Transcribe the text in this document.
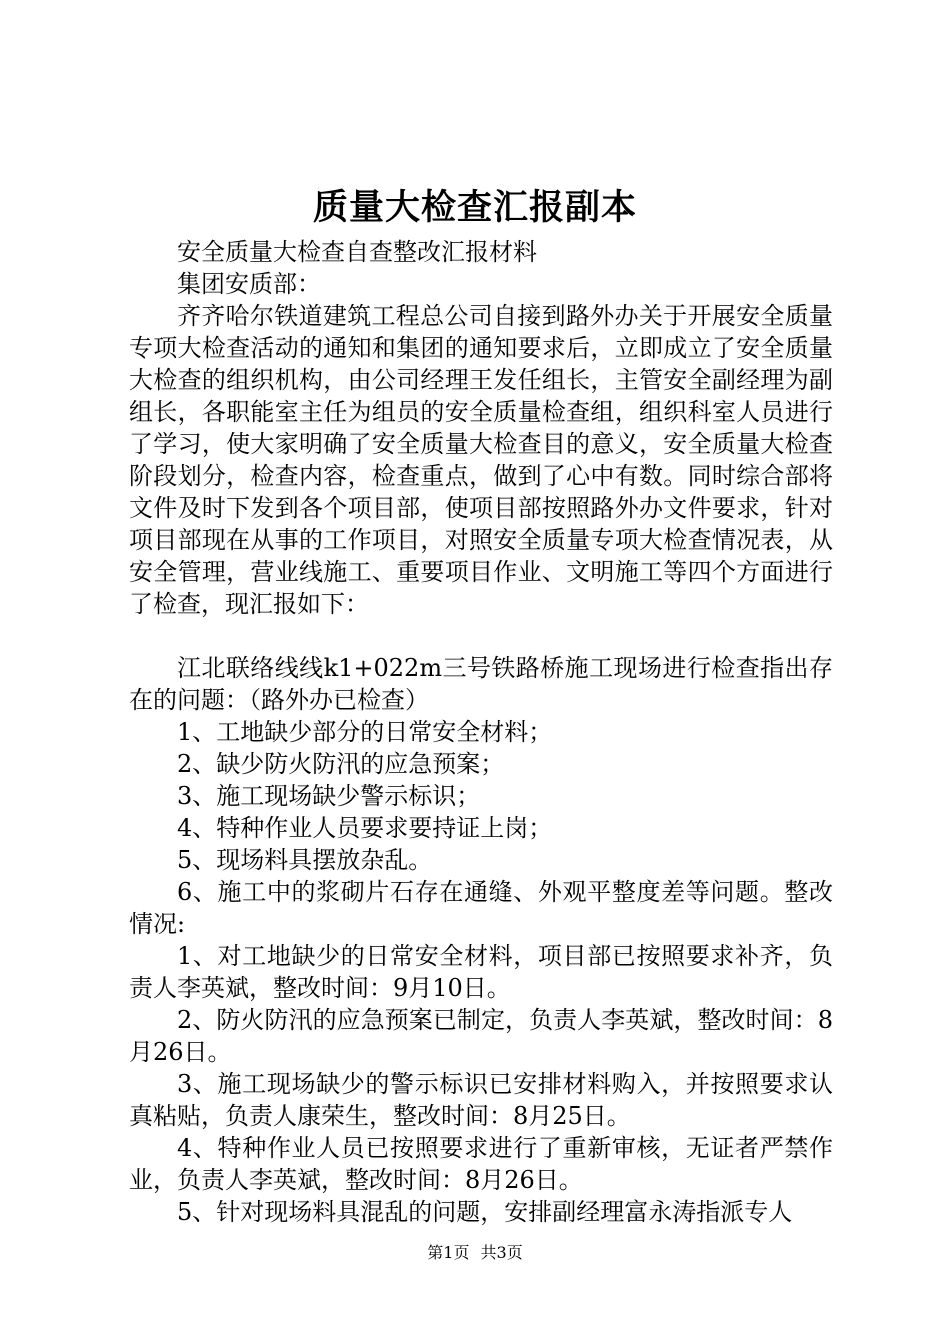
质量大检查汇报副本

安全质量大检查自查整改汇报材料

集团安质部：

齐齐哈尔铁道建筑工程总公司自接到路外办关于开展安全质量专项大检查活动的通知和集团的通知要求后，立即成立了安全质量大检查的组织机构，由公司经理王发任组长，主管安全副经理为副组长，各职能室主任为组员的安全质量检查组，组织科室人员进行了学习，使大家明确了安全质量大检查目的意义，安全质量大检查阶段划分，检查内容，检查重点，做到了心中有数。同时综合部将文件及时下发到各个项目部，使项目部按照路外办文件要求，针对项目部现在从事的工作项目，对照安全质量专项大检查情况表，从安全管理，营业线施工、重要项目作业、文明施工等四个方面进行了检查，现汇报如下：

江北联络线线k1+022m三号铁路桥施工现场进行检查指出存在的问题：（路外办已检查）

1、工地缺少部分的日常安全材料；

2、缺少防火防汛的应急预案；

3、施工现场缺少警示标识；

4、特种作业人员要求要持证上岗；

5、现场料具摆放杂乱。

6、施工中的浆砌片石存在通缝、外观平整度差等问题。整改情况:

1、对工地缺少的日常安全材料，项目部已按照要求补齐，负责人李英斌，整改时间：9月10日。

2、防火防汛的应急预案已制定，负责人李英斌，整改时间：8月26日。

3、施工现场缺少的警示标识已安排材料购入，并按照要求认真粘贴，负责人康荣生，整改时间：8月25日。

4、特种作业人员已按照要求进行了重新审核，无证者严禁作业，负责人李英斌，整改时间：8月26日。

5、针对现场料具混乱的问题，安排副经理富永涛指派专人

第1页 共3页
